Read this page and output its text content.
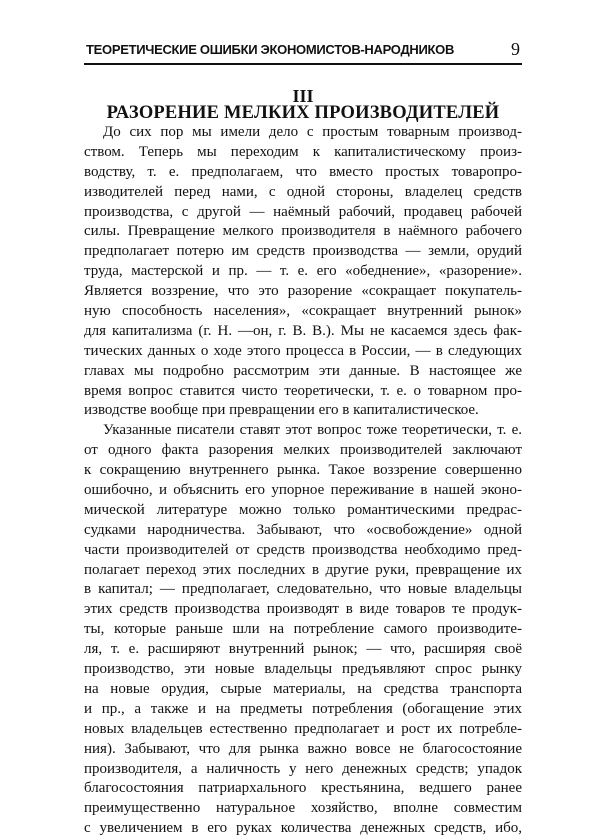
ТЕОРЕТИЧЕСКИЕ ОШИБКИ ЭКОНОМИСТОВ-НАРОДНИКОВ	9
III
РАЗОРЕНИЕ МЕЛКИХ ПРОИЗВОДИТЕЛЕЙ
До сих пор мы имели дело с простым товарным производ-
ством. Теперь мы переходим к капиталистическому произ-
водству, т. е. предполагаем, что вместо простых товаропро-
изводителей перед нами, с одной стороны, владелец средств
производства, с другой — наёмный рабочий, продавец рабочей
силы. Превращение мелкого производителя в наёмного рабочего
предполагает потерю им средств производства — земли, орудий
труда, мастерской и пр. — т. е. его «обеднение», «разорение».
Является воззрение, что это разорение «сокращает покупатель-
ную способность населения», «сокращает внутренний рынок»
для капитализма (г. Н. —он, г. В. В.). Мы не касаемся здесь фак-
тических данных о ходе этого процесса в России, — в следующих
главах мы подробно рассмотрим эти данные. В настоящее же
время вопрос ставится чисто теоретически, т. е. о товарном про-
изводстве вообще при превращении его в капиталистическое.
Указанные писатели ставят этот вопрос тоже теоретически, т. е.
от одного факта разорения мелких производителей заключают
к сокращению внутреннего рынка. Такое воззрение совершенно
ошибочно, и объяснить его упорное переживание в нашей эконо-
мической литературе можно только романтическими предрас-
судками народничества. Забывают, что «освобождение» одной
части производителей от средств производства необходимо пред-
полагает переход этих последних в другие руки, превращение их
в капитал; — предполагает, следовательно, что новые владельцы
этих средств производства производят в виде товаров те продук-
ты, которые раньше шли на потребление самого производите-
ля, т. е. расширяют внутренний рынок; — что, расширяя своё
производство, эти новые владельцы предъявляют спрос рынку
на новые орудия, сырые материалы, на средства транспорта
и пр., а также и на предметы потребления (обогащение этих
новых владельцев естественно предполагает и рост их потребле-
ния). Забывают, что для рынка важно вовсе не благосостояние
производителя, а наличность у него денежных средств; упадок
благосостояния патриархального крестьянина, ведшего ранее
преимущественно натуральное хозяйство, вполне совместим
с увеличением в его руках количества денежных средств, ибо,
